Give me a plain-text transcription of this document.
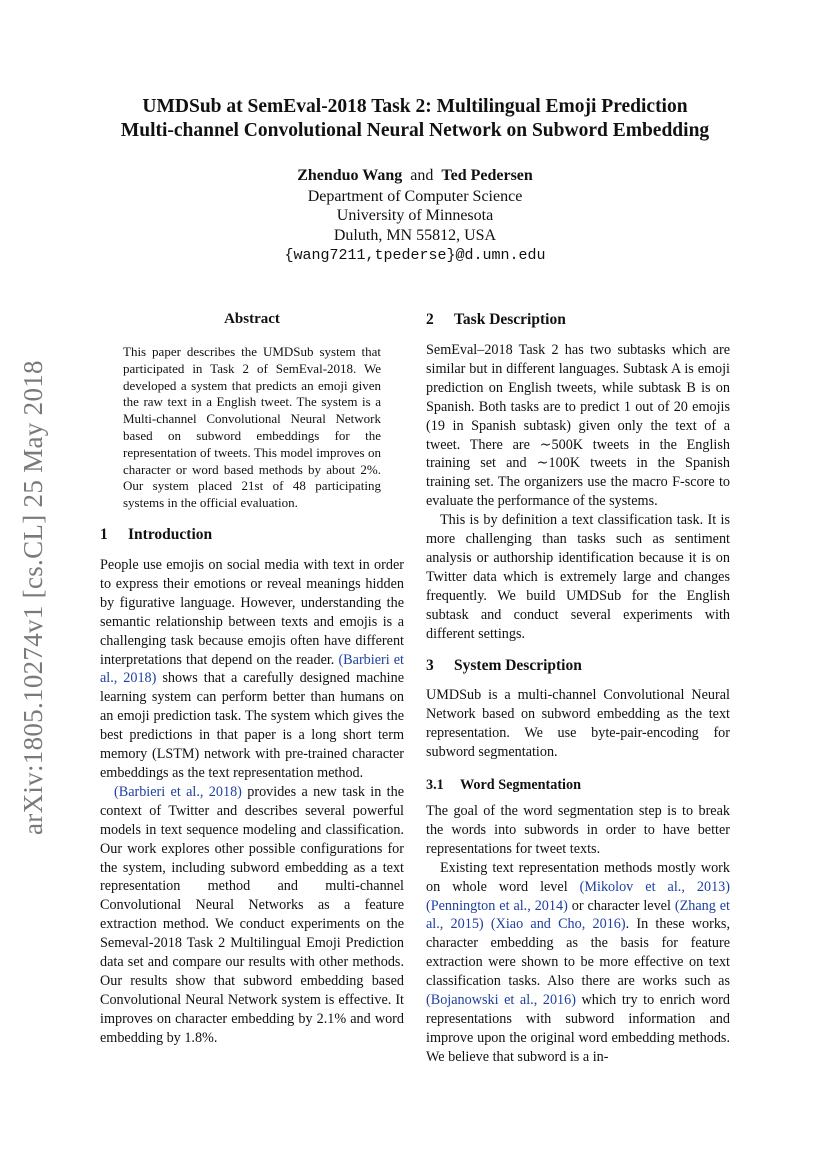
arXiv:1805.10274v1 [cs.CL] 25 May 2018
UMDSub at SemEval-2018 Task 2: Multilingual Emoji Prediction
Multi-channel Convolutional Neural Network on Subword Embedding
Zhenduo Wang and Ted Pedersen
Department of Computer Science
University of Minnesota
Duluth, MN 55812, USA
{wang7211,tpederse}@d.umn.edu
Abstract
This paper describes the UMDSub system that participated in Task 2 of SemEval-2018. We developed a system that predicts an emoji given the raw text in a English tweet. The system is a Multi-channel Convolutional Neural Network based on subword embeddings for the representation of tweets. This model improves on character or word based methods by about 2%. Our system placed 21st of 48 participating systems in the official evaluation.
1 Introduction

People use emojis on social media with text in order to express their emotions or reveal meanings hidden by figurative language. However, understanding the semantic relationship between texts and emojis is a challenging task because emojis often have different interpretations that depend on the reader. (Barbieri et al., 2018) shows that a carefully designed machine learning system can perform better than humans on an emoji prediction task. The system which gives the best predictions in that paper is a long short term memory (LSTM) network with pre-trained character embeddings as the text representation method.

(Barbieri et al., 2018) provides a new task in the context of Twitter and describes several powerful models in text sequence modeling and classification. Our work explores other possible configurations for the system, including subword embedding as a text representation method and multi-channel Convolutional Neural Networks as a feature extraction method. We conduct experiments on the Semeval-2018 Task 2 Multilingual Emoji Prediction data set and compare our results with other methods. Our results show that subword embedding based Convolutional Neural Network system is effective. It improves on character embedding by 2.1% and word embedding by 1.8%.

2 Task Description

SemEval–2018 Task 2 has two subtasks which are similar but in different languages. Subtask A is emoji prediction on English tweets, while subtask B is on Spanish. Both tasks are to predict 1 out of 20 emojis (19 in Spanish subtask) given only the text of a tweet. There are ∼500K tweets in the English training set and ∼100K tweets in the Spanish training set. The organizers use the macro F-score to evaluate the performance of the systems.

This is by definition a text classification task. It is more challenging than tasks such as sentiment analysis or authorship identification because it is on Twitter data which is extremely large and changes frequently. We build UMDSub for the English subtask and conduct several experiments with different settings.

3 System Description

UMDSub is a multi-channel Convolutional Neural Network based on subword embedding as the text representation. We use byte-pair-encoding for subword segmentation.

3.1 Word Segmentation

The goal of the word segmentation step is to break the words into subwords in order to have better representations for tweet texts.

Existing text representation methods mostly work on whole word level (Mikolov et al., 2013)(Pennington et al., 2014) or character level (Zhang et al., 2015) (Xiao and Cho, 2016). In these works, character embedding as the basis for feature extraction were shown to be more effective on text classification tasks. Also there are works such as (Bojanowski et al., 2016) which try to enrich word representations with subword information and improve upon the original word embedding methods. We believe that subword is a in-
